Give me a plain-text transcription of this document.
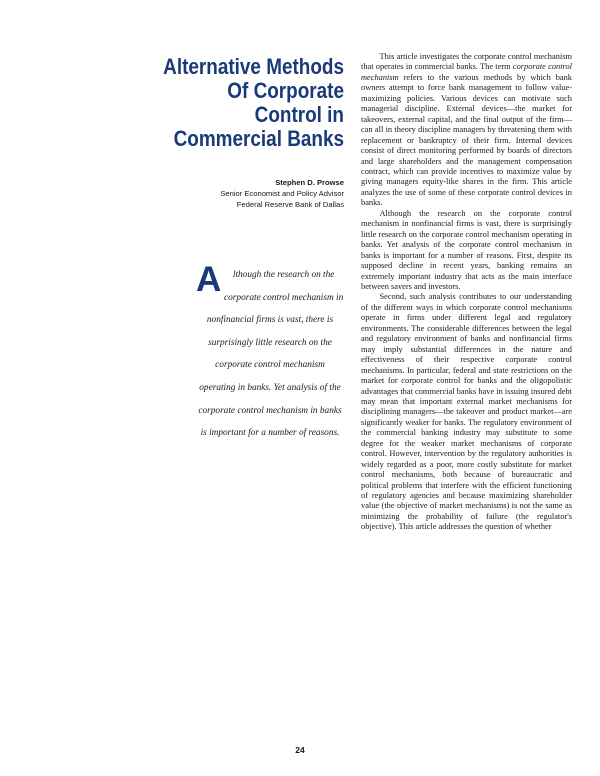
Alternative Methods
Of Corporate
Control in
Commercial Banks
Stephen D. Prowse
Senior Economist and Policy Advisor
Federal Reserve Bank of Dallas

A lthough the research on the corporate control mechanism in nonfinancial firms is vast, there is surprisingly little research on the corporate control mechanism operating in banks. Yet analysis of the corporate control mechanism in banks is important for a number of reasons.

This article investigates the corporate control mechanism that operates in commercial banks. The term corporate control mechanism refers to the various methods by which bank owners attempt to force bank management to follow value-maximizing policies. Various devices can motivate such managerial discipline. External devices—the market for takeovers, external capital, and the final output of the firm—can all in theory discipline managers by threatening them with replacement or bankruptcy of their firm. Internal devices consist of direct monitoring performed by boards of directors and large shareholders and the management compensation contract, which can provide incentives to maximize value by giving managers equity-like shares in the firm. This article analyzes the use of some of these corporate control devices in banks.

Although the research on the corporate control mechanism in nonfinancial firms is vast, there is surprisingly little research on the corporate control mechanism operating in banks. Yet analysis of the corporate control mechanism in banks is important for a number of reasons. First, despite its supposed decline in recent years, banking remains an extremely important industry that acts as the main interface between savers and investors.

Second, such analysis contributes to our understanding of the different ways in which corporate control mechanisms operate in firms under different legal and regulatory environments. The considerable differences between the legal and regulatory environment of banks and nonfinancial firms may imply substantial differences in the nature and effectiveness of their respective corporate control mechanisms. In particular, federal and state restrictions on the market for corporate control for banks and the oligopolistic advantages that commercial banks have in issuing insured debt may mean that important external market mechanisms for disciplining managers—the takeover and product market—are significantly weaker for banks. The regulatory environment of the commercial banking industry may substitute to some degree for the weaker market mechanisms of corporate control. However, intervention by the regulatory authorities is widely regarded as a poor, more costly substitute for market control mechanisms, both because of bureaucratic and political problems that interfere with the efficient functioning of regulatory agencies and because maximizing shareholder value (the objective of market mechanisms) is not the same as minimizing the probability of failure (the regulator's objective). This article addresses the question of whether

24
